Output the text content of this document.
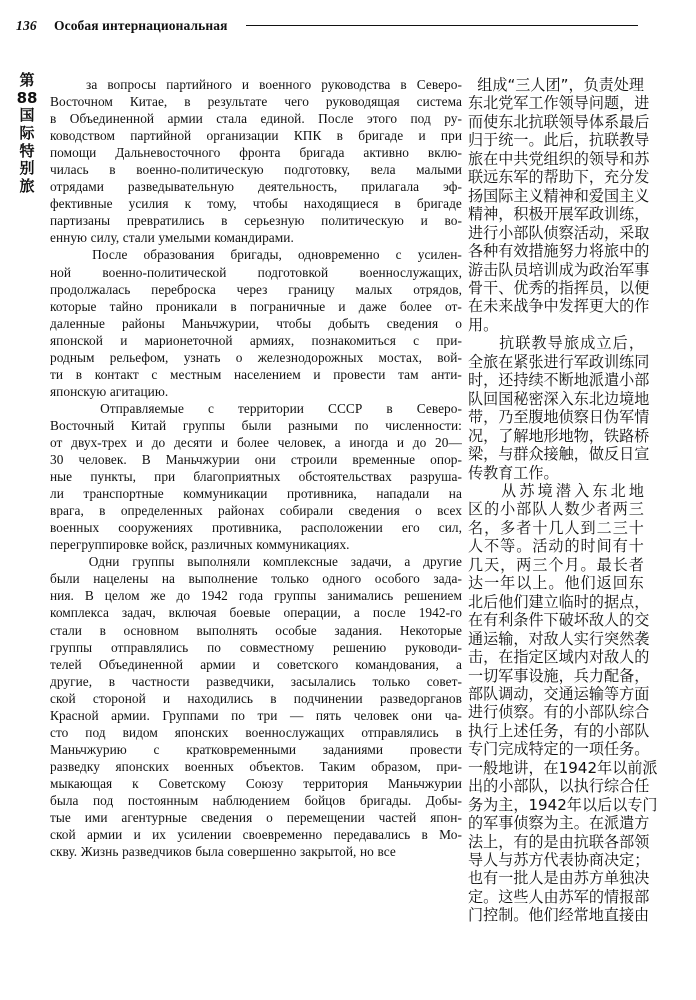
136	Особая интернациональная
第
88
国
际
特
别
旅
за вопросы партийного и военного руководства в Северо-
Восточном Китае, в результате чего руководящая система
в Объединенной армии стала единой. После этого под ру-
ководством партийной организации КПК в бригаде и при
помощи Дальневосточного фронта бригада активно вклю-
чилась в военно-политическую подготовку, вела малыми
отрядами разведывательную деятельность, прилагала эф-
фективные усилия к тому, чтобы находящиеся в бригаде
партизаны превратились в серьезную политическую и во-
енную силу, стали умелыми командирами.
После образования бригады, одновременно с усилен-
ной военно-политической подготовкой военнослужащих,
продолжалась переброска через границу малых отрядов,
которые тайно проникали в пограничные и даже более от-
даленные районы Маньчжурии, чтобы добыть сведения о
японской и марионеточной армиях, познакомиться с при-
родным рельефом, узнать о железнодорожных мостах, вой-
ти в контакт с местным населением и провести там анти-
японскую агитацию.
Отправляемые с территории СССР в Северо-
Восточный Китай группы были разными по численности:
от двух-трех и до десяти и более человек, а иногда и до 20—
30 человек. В Маньчжурии они строили временные опор-
ные пункты, при благоприятных обстоятельствах разруша-
ли транспортные коммуникации противника, нападали на
врага, в определенных районах собирали сведения о всех
военных сооружениях противника, расположении его сил,
перегруппировке войск, различных коммуникациях.
Одни группы выполняли комплексные задачи, а другие
были нацелены на выполнение только одного особого зада-
ния. В целом же до 1942 года группы занимались решением
комплекса задач, включая боевые операции, а после 1942-го
стали в основном выполнять особые задания. Некоторые
группы отправлялись по совместному решению руководи-
телей Объединенной армии и советского командования, а
другие, в частности разведчики, засылались только совет-
ской стороной и находились в подчинении разведорганов
Красной армии. Группами по три — пять человек они ча-
сто под видом японских военнослужащих отправлялись в
Маньчжурию с кратковременными заданиями провести
разведку японских военных объектов. Таким образом, при-
мыкающая к Советскому Союзу территория Маньчжурии
была под постоянным наблюдением бойцов бригады. Добы-
тые ими агентурные сведения о перемещении частей япон-
ской армии и их усилении своевременно передавались в Мо-
скву. Жизнь разведчиков была совершенно закрытой, но все
组 成 “ 三 人 团 ” ， 负 责 处 理
东 北 党 军 工 作 领 导 问 题 ， 进
而 使 东 北 抗 联 领 导 体 系 最 后
归 于 统 一 。 此 后 ， 抗 联 教 导
旅 在 中 共 党 组 织 的 领 导 和 苏
联 远 东 军 的 帮 助 下 ， 充 分 发
扬 国 际 主 义 精 神 和 爱 国 主 义
精 神 ， 积 极 开 展 军 政 训 练 ，
进 行 小 部 队 侦 察 活 动 ， 采 取
各 种 有 效 措 施 努 力 将 旅 中 的
游 击 队 员 培 训 成 为 政 治 军 事
骨 干 、 优 秀 的 指 挥 员 ， 以 便
在 未 来 战 争 中 发 挥 更 大 的 作
用。
抗 联 教 导 旅 成 立 后 ，
全 旅 在 紧 张 进 行 军 政 训 练 同
时 ， 还 持 续 不 断 地 派 遣 小 部
队 回 国 秘 密 深 入 东 北 边 境 地
带 ， 乃 至 腹 地 侦 察 日 伪 军 情
况 ， 了 解 地 形 地 物 ， 铁 路 桥
梁 ， 与 群 众 接 触 ， 做 反 日 宣
传教育工作。
从 苏 境 潜 入 东 北 地
区 的 小 部 队 人 数 少 者 两 三
名 ， 多 者 十 几 人 到 二 三 十
人 不 等 。 活 动 的 时 间 有 十
几 天 ， 两 三 个 月 。 最 长 者
达 一 年 以 上 。 他 们 返 回 东
北 后 他 们 建 立 临 时 的 据 点 ，
在 有 利 条 件 下 破 坏 敌 人 的 交
通 运 输 ， 对 敌 人 实 行 突 然 袭
击 ， 在 指 定 区 域 内 对 敌 人 的
一 切 军 事 设 施 ， 兵 力 配 备 ，
部 队 调 动 ， 交 通 运 输 等 方 面
进 行 侦 察 。 有 的 小 部 队 综 合
执 行 上 述 任 务 ， 有 的 小 部 队
专 门 完 成 特 定 的 一 项 任 务 。
一 般 地 讲 ， 在 1 9 4 2 年 以 前 派
出 的 小 部 队 ， 以 执 行 综 合 任
务 为 主 ， 1 9 4 2 年 以 后 以 专 门
的 军 事 侦 察 为 主 。 在 派 遣 方
法 上 ， 有 的 是 由 抗 联 各 部 领
导 人 与 苏 方 代 表 协 商 决 定 ；
也 有 一 批 人 是 由 苏 方 单 独 决
定 。 这 些 人 由 苏 军 的 情 报 部
门控制。他们经常地直接由
